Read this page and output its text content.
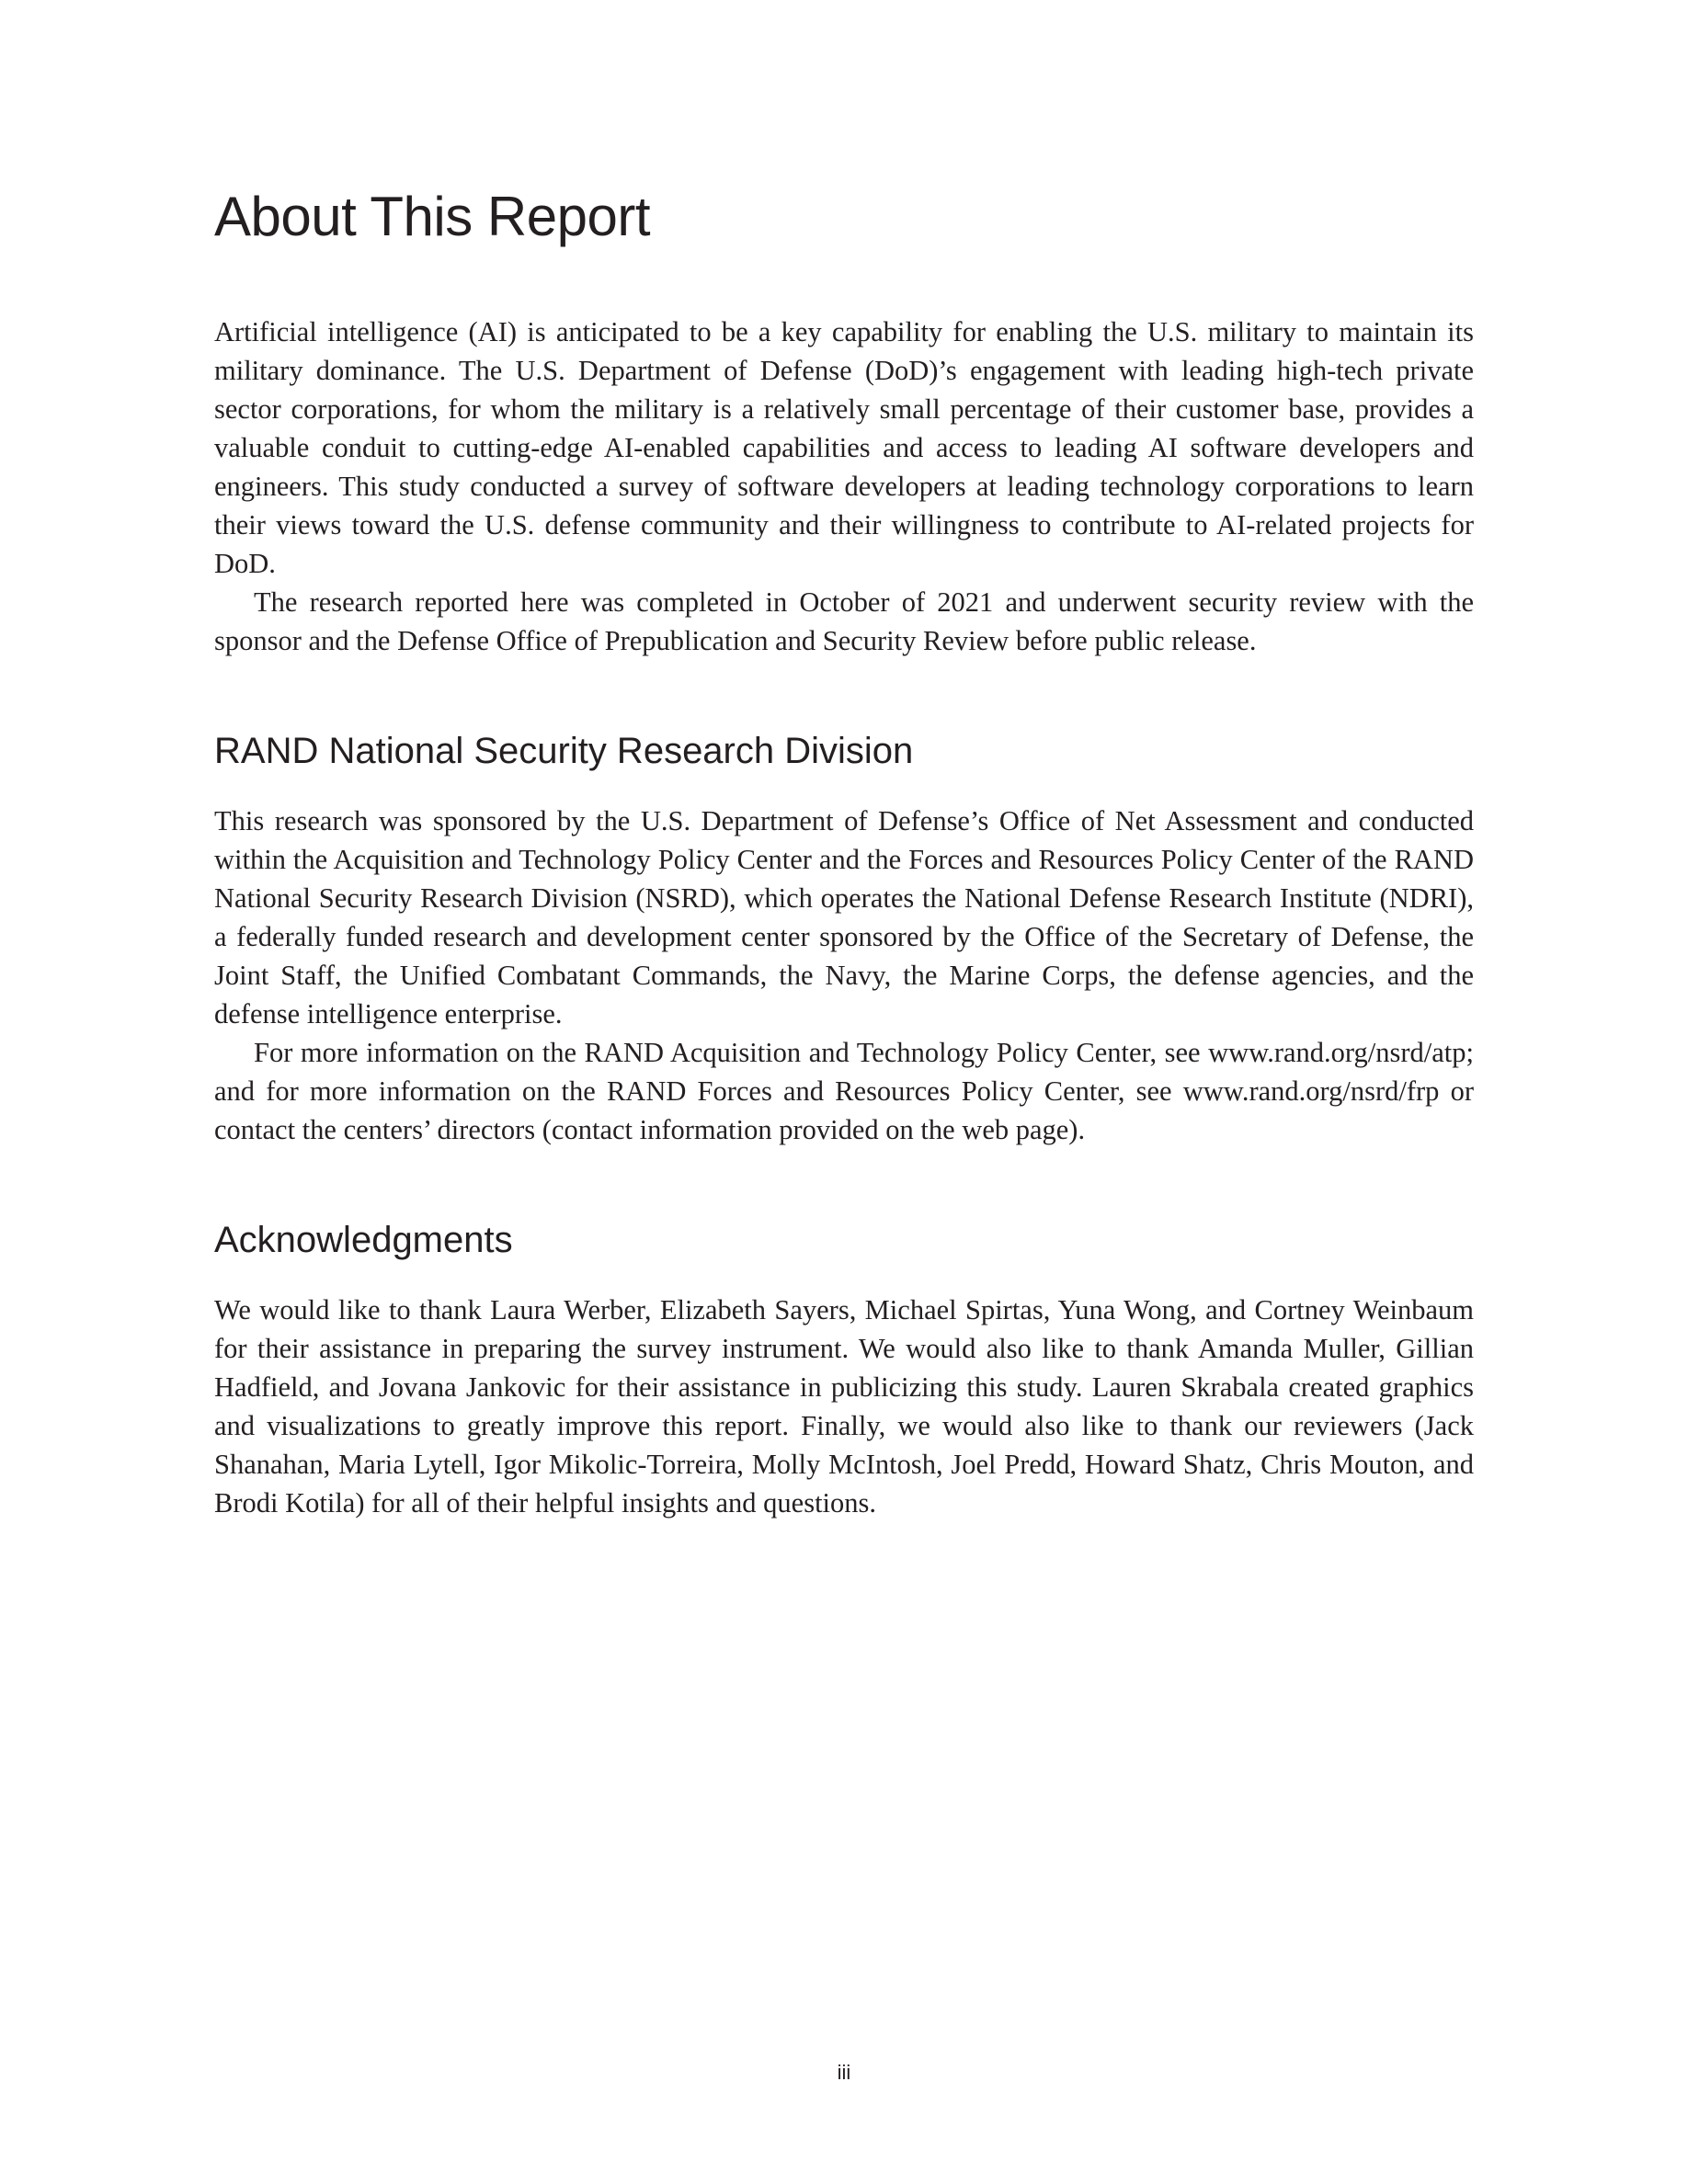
About This Report

Artificial intelligence (AI) is anticipated to be a key capability for enabling the U.S. military to maintain its military dominance. The U.S. Department of Defense (DoD)’s engagement with leading high-tech private sector corporations, for whom the military is a relatively small percentage of their customer base, provides a valuable conduit to cutting-edge AI-enabled capabilities and access to leading AI software developers and engineers. This study conducted a survey of software developers at leading technology corporations to learn their views toward the U.S. defense community and their willingness to contribute to AI-related projects for DoD.

The research reported here was completed in October of 2021 and underwent security review with the sponsor and the Defense Office of Prepublication and Security Review before public release.

RAND National Security Research Division

This research was sponsored by the U.S. Department of Defense’s Office of Net Assessment and conducted within the Acquisition and Technology Policy Center and the Forces and Resources Policy Center of the RAND National Security Research Division (NSRD), which operates the National Defense Research Institute (NDRI), a federally funded research and development center sponsored by the Office of the Secretary of Defense, the Joint Staff, the Unified Combatant Commands, the Navy, the Marine Corps, the defense agencies, and the defense intelligence enterprise.

For more information on the RAND Acquisition and Technology Policy Center, see www.rand.org/nsrd/atp; and for more information on the RAND Forces and Resources Policy Center, see www.rand.org/nsrd/frp or contact the centers’ directors (contact information provided on the web page).

Acknowledgments

We would like to thank Laura Werber, Elizabeth Sayers, Michael Spirtas, Yuna Wong, and Cortney Weinbaum for their assistance in preparing the survey instrument. We would also like to thank Amanda Muller, Gillian Hadfield, and Jovana Jankovic for their assistance in publicizing this study. Lauren Skrabala created graphics and visualizations to greatly improve this report. Finally, we would also like to thank our reviewers (Jack Shanahan, Maria Lytell, Igor Mikolic-Torreira, Molly McIntosh, Joel Predd, Howard Shatz, Chris Mouton, and Brodi Kotila) for all of their helpful insights and questions.

iii
